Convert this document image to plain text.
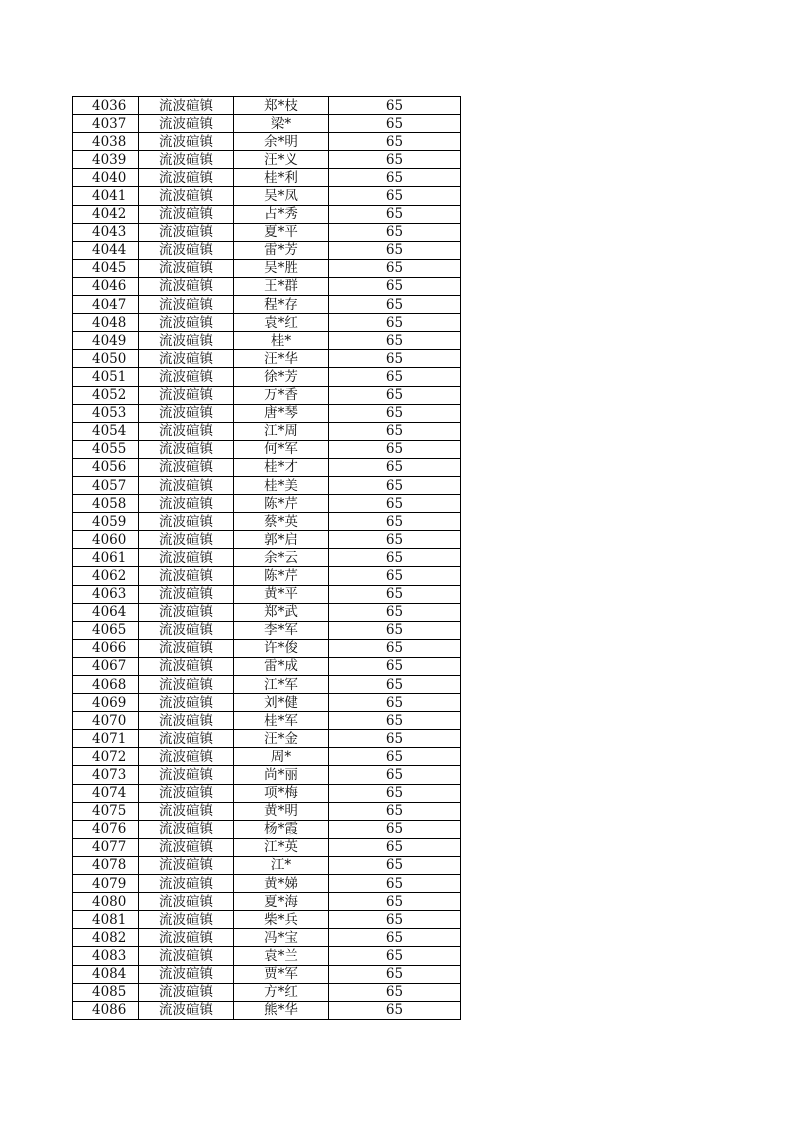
4036	流波碹镇	郑*枝	65
4037	流波碹镇	梁*	65
4038	流波碹镇	余*明	65
4039	流波碹镇	汪*义	65
4040	流波碹镇	桂*利	65
4041	流波碹镇	吴*凤	65
4042	流波碹镇	占*秀	65
4043	流波碹镇	夏*平	65
4044	流波碹镇	雷*芳	65
4045	流波碹镇	吴*胜	65
4046	流波碹镇	王*群	65
4047	流波碹镇	程*存	65
4048	流波碹镇	袁*红	65
4049	流波碹镇	桂*	65
4050	流波碹镇	汪*华	65
4051	流波碹镇	徐*芳	65
4052	流波碹镇	万*香	65
4053	流波碹镇	唐*琴	65
4054	流波碹镇	江*周	65
4055	流波碹镇	何*军	65
4056	流波碹镇	桂*才	65
4057	流波碹镇	桂*美	65
4058	流波碹镇	陈*芹	65
4059	流波碹镇	蔡*英	65
4060	流波碹镇	郭*启	65
4061	流波碹镇	余*云	65
4062	流波碹镇	陈*芹	65
4063	流波碹镇	黄*平	65
4064	流波碹镇	郑*武	65
4065	流波碹镇	李*军	65
4066	流波碹镇	许*俊	65
4067	流波碹镇	雷*成	65
4068	流波碹镇	江*军	65
4069	流波碹镇	刘*健	65
4070	流波碹镇	桂*军	65
4071	流波碹镇	汪*金	65
4072	流波碹镇	周*	65
4073	流波碹镇	尚*丽	65
4074	流波碹镇	项*梅	65
4075	流波碹镇	黄*明	65
4076	流波碹镇	杨*霞	65
4077	流波碹镇	江*英	65
4078	流波碹镇	江*	65
4079	流波碹镇	黄*娣	65
4080	流波碹镇	夏*海	65
4081	流波碹镇	柴*兵	65
4082	流波碹镇	冯*宝	65
4083	流波碹镇	袁*兰	65
4084	流波碹镇	贾*军	65
4085	流波碹镇	方*红	65
4086	流波碹镇	熊*华	65
